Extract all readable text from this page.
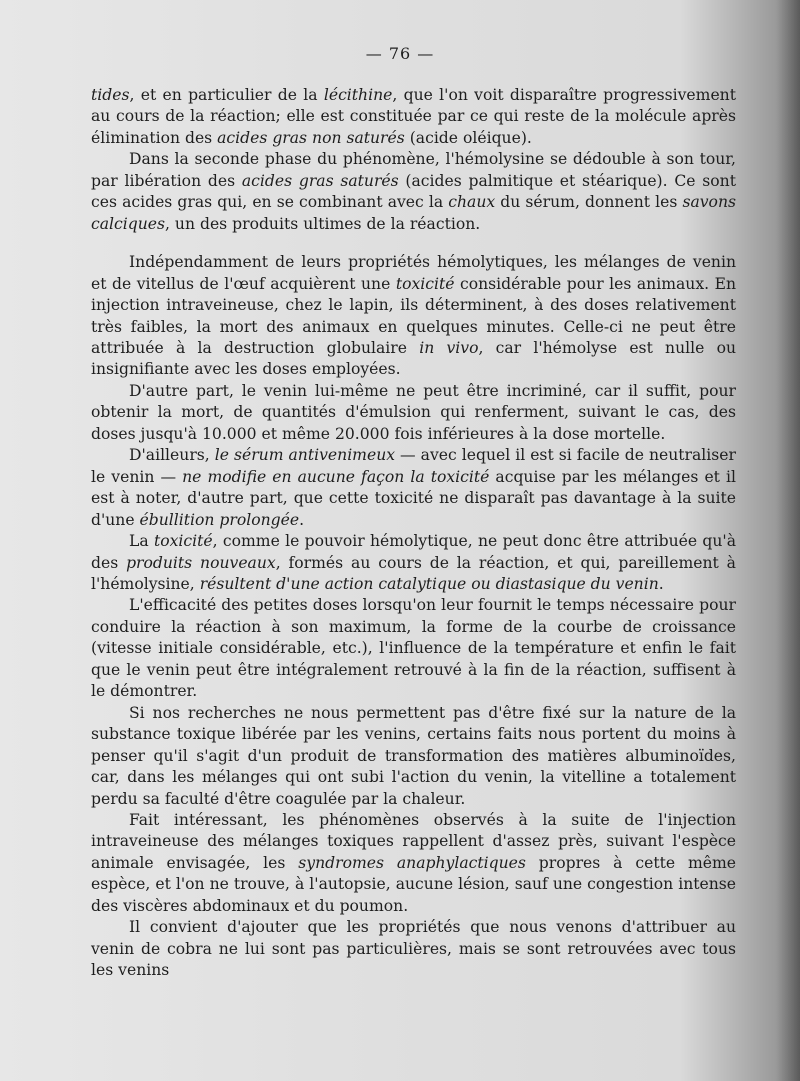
— 76 —

tides, et en particulier de la lécithine, que l'on voit disparaître progressivement au cours de la réaction; elle est constituée par ce qui reste de la molécule après élimination des acides gras non saturés (acide oléique).

Dans la seconde phase du phénomène, l'hémolysine se dédouble à son tour, par libération des acides gras saturés (acides palmitique et stéarique). Ce sont ces acides gras qui, en se combinant avec la chaux du sérum, donnent les savons calciques, un des produits ultimes de la réaction.

Indépendamment de leurs propriétés hémolytiques, les mélanges de venin et de vitellus de l'œuf acquièrent une toxicité considérable pour les animaux. En injection intraveineuse, chez le lapin, ils déterminent, à des doses relativement très faibles, la mort des animaux en quelques minutes. Celle-ci ne peut être attribuée à la destruction globulaire in vivo, car l'hémolyse est nulle ou insignifiante avec les doses employées.

D'autre part, le venin lui-même ne peut être incriminé, car il suffit, pour obtenir la mort, de quantités d'émulsion qui renferment, suivant le cas, des doses jusqu'à 10.000 et même 20.000 fois inférieures à la dose mortelle.

D'ailleurs, le sérum antivenimeux — avec lequel il est si facile de neutraliser le venin — ne modifie en aucune façon la toxicité acquise par les mélanges et il est à noter, d'autre part, que cette toxicité ne disparaît pas davantage à la suite d'une ébullition prolongée.

La toxicité, comme le pouvoir hémolytique, ne peut donc être attribuée qu'à des produits nouveaux, formés au cours de la réaction, et qui, pareillement à l'hémolysine, résultent d'une action catalytique ou diastasique du venin.

L'efficacité des petites doses lorsqu'on leur fournit le temps nécessaire pour conduire la réaction à son maximum, la forme de la courbe de croissance (vitesse initiale considérable, etc.), l'influence de la température et enfin le fait que le venin peut être intégralement retrouvé à la fin de la réaction, suffisent à le démontrer.

Si nos recherches ne nous permettent pas d'être fixé sur la nature de la substance toxique libérée par les venins, certains faits nous portent du moins à penser qu'il s'agit d'un produit de transformation des matières albuminoïdes, car, dans les mélanges qui ont subi l'action du venin, la vitelline a totalement perdu sa faculté d'être coagulée par la chaleur.

Fait intéressant, les phénomènes observés à la suite de l'injection intraveineuse des mélanges toxiques rappellent d'assez près, suivant l'espèce animale envisagée, les syndromes anaphylactiques propres à cette même espèce, et l'on ne trouve, à l'autopsie, aucune lésion, sauf une congestion intense des viscères abdominaux et du poumon.

Il convient d'ajouter que les propriétés que nous venons d'attribuer au venin de cobra ne lui sont pas particulières, mais se sont retrouvées avec tous les venins
